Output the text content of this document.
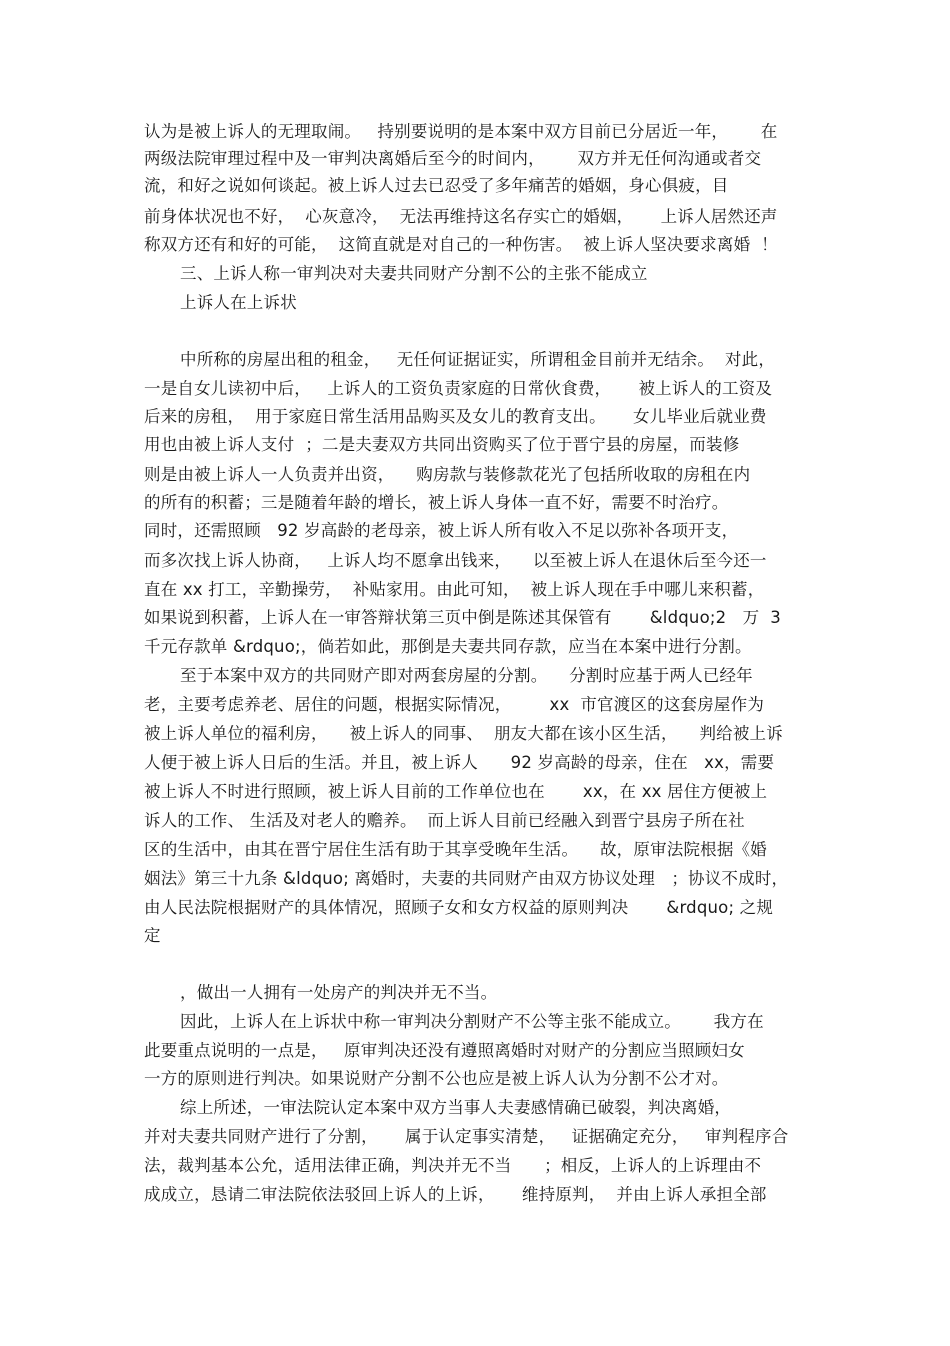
认为是被上诉人的无理取闹。   持别要说明的是本案中双方目前已分居近一年，      在
两级法院审理过程中及一审判决离婚后至今的时间内，      双方并无任何沟通或者交
流，和好之说如何谈起。被上诉人过去已忍受了多年痛苦的婚姻，身心俱疲，目
前身体状况也不好，  心灰意冷，  无法再维持这名存实亡的婚姻，     上诉人居然还声
称双方还有和好的可能，  这简直就是对自己的一种伤害。  被上诉人坚决要求离婚  ！
三、上诉人称一审判决对夫妻共同财产分割不公的主张不能成立
上诉人在上诉状
中所称的房屋出租的租金，   无任何证据证实，所谓租金目前并无结余。  对此，
一是自女儿读初中后，   上诉人的工资负责家庭的日常伙食费，     被上诉人的工资及
后来的房租，  用于家庭日常生活用品购买及女儿的教育支出。     女儿毕业后就业费
用也由被上诉人支付  ；二是夫妻双方共同出资购买了位于晋宁县的房屋，而装修
则是由被上诉人一人负责并出资，    购房款与装修款花光了包括所收取的房租在内
的所有的积蓄；三是随着年龄的增长，被上诉人身体一直不好，需要不时治疗。
同时，还需照顾   92 岁高龄的老母亲，被上诉人所有收入不足以弥补各项开支，
而多次找上诉人协商，   上诉人均不愿拿出钱来，    以至被上诉人在退休后至今还一
直在 xx 打工，辛勤操劳，  补贴家用。由此可知，  被上诉人现在手中哪儿来积蓄，
如果说到积蓄，上诉人在一审答辩状第三页中倒是陈述其保管有       &ldquo;2   万  3
千元存款单 &rdquo;，倘若如此，那倒是夫妻共同存款，应当在本案中进行分割。
至于本案中双方的共同财产即对两套房屋的分割。    分割时应基于两人已经年
老，主要考虑养老、居住的问题，根据实际情况，       xx  市官渡区的这套房屋作为
被上诉人单位的福利房，    被上诉人的同事、  朋友大都在该小区生活，    判给被上诉
人便于被上诉人日后的生活。并且，被上诉人      92 岁高龄的母亲，住在   xx，需要
被上诉人不时进行照顾，被上诉人目前的工作单位也在       xx，在 xx 居住方便被上
诉人的工作、 生活及对老人的赡养。  而上诉人目前已经融入到晋宁县房子所在社
区的生活中，由其在晋宁居住生活有助于其享受晚年生活。    故，原审法院根据《婚
姻法》第三十九条 &ldquo; 离婚时，夫妻的共同财产由双方协议处理   ；协议不成时，
由人民法院根据财产的具体情况，照顾子女和女方权益的原则判决       &rdquo; 之规
定
，做出一人拥有一处房产的判决并无不当。
因此，上诉人在上诉状中称一审判决分割财产不公等主张不能成立。      我方在
此要重点说明的一点是，   原审判决还没有遵照离婚时对财产的分割应当照顾妇女
一方的原则进行判决。如果说财产分割不公也应是被上诉人认为分割不公才对。
综上所述，一审法院认定本案中双方当事人夫妻感情确已破裂，判决离婚，
并对夫妻共同财产进行了分割，     属于认定事实清楚，   证据确定充分，   审判程序合
法，裁判基本公允，适用法律正确，判决并无不当      ；相反，上诉人的上诉理由不
成成立，恳请二审法院依法驳回上诉人的上诉，     维持原判，  并由上诉人承担全部
